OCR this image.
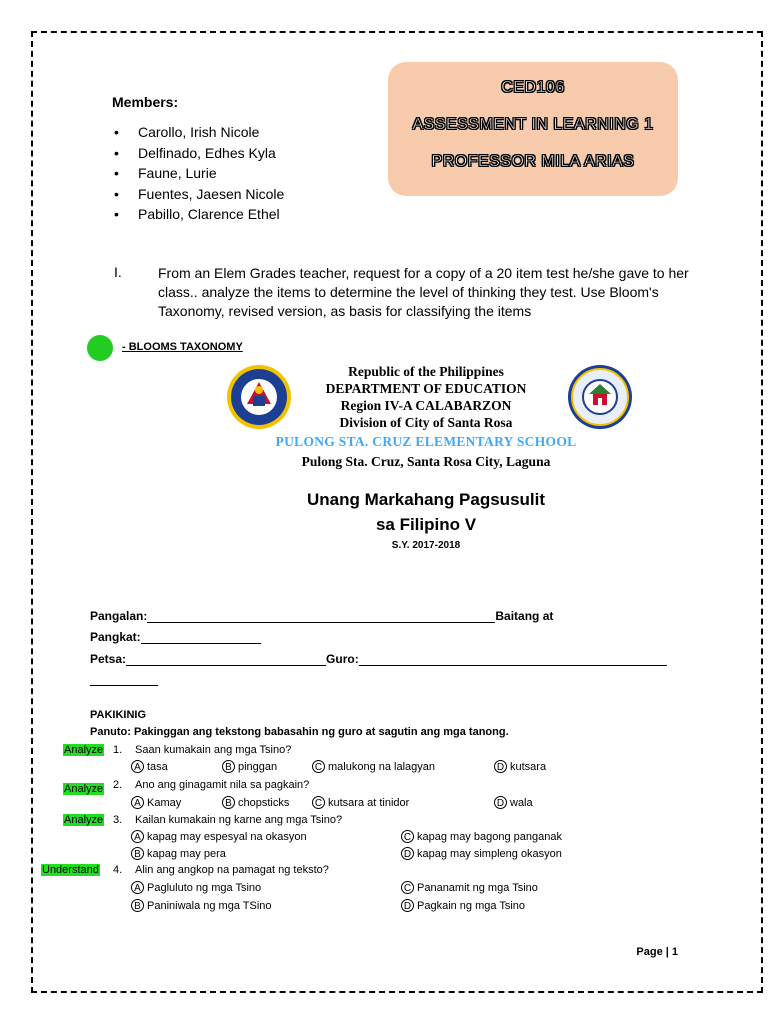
Members:
• Carollo, Irish Nicole
• Delfinado, Edhes Kyla
• Faune, Lurie
• Fuentes, Jaesen Nicole
• Pabillo, Clarence Ethel
CED106
ASSESSMENT IN LEARNING 1
PROFESSOR MILA ARIAS
I.	From an Elem Grades teacher, request for a copy of a 20 item test he/she gave to her class.. analyze the items to determine the level of thinking they test. Use Bloom's Taxonomy, revised version, as basis for classifying the items
- BLOOMS TAXONOMY
Republic of the Philippines
DEPARTMENT OF EDUCATION
Region IV-A CALABARZON
Division of City of Santa Rosa
PULONG STA. CRUZ ELEMENTARY SCHOOL
Pulong Sta. Cruz, Santa Rosa City, Laguna
Unang Markahang Pagsusulit
sa Filipino V
S.Y. 2017-2018
Pangalan:	Baitang at
Pangkat:
Petsa:	Guro:
PAKIKINIG
Panuto: Pakinggan ang tekstong babasahin ng guro at sagutin ang mga tanong.
Analyze 1. Saan kumakain ang mga Tsino?
A tasa	B pinggan	C malukong na lalagyan	D kutsara
Analyze 2. Ano ang ginagamit nila sa pagkain?
A Kamay	B chopsticks	C kutsara at tinidor	D wala
Analyze 3. Kailan kumakain ng karne ang mga Tsino?
A kapag may espesyal na okasyon	C kapag may bagong panganak
B kapag may pera	D kapag may simpleng okasyon
Understand 4. Alin ang angkop na pamagat ng teksto?
A Pagluluto ng mga Tsino	C Pananamit ng mga Tsino
B Paniniwala ng mga TSino	D Pagkain ng mga Tsino
Page | 1
